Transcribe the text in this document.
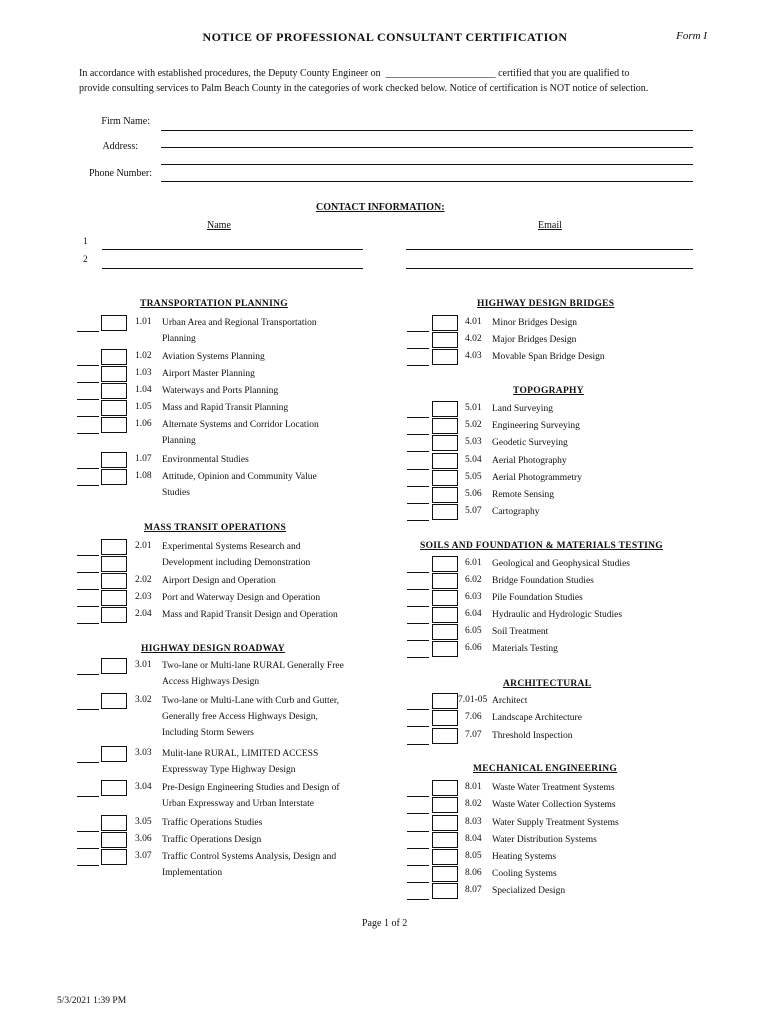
NOTICE OF PROFESSIONAL CONSULTANT CERTIFICATION	Form I
In accordance with established procedures, the Deputy County Engineer on  ______________________ certified that you are qualified to
provide consulting services to Palm Beach County in the categories of work checked below. Notice of certification is NOT notice of selection.
Firm Name:
Address:
Phone Number:
CONTACT INFORMATION:
Name	Email
1
2
TRANSPORTATION PLANNING
1.01 Urban Area and Regional Transportation
Planning
1.02 Aviation Systems Planning
1.03 Airport Master Planning
1.04 Waterways and Ports Planning
1.05 Mass and Rapid Transit Planning
1.06 Alternate Systems and Corridor Location
Planning
1.07 Environmental Studies
1.08 Attitude, Opinion and Community Value
Studies
MASS TRANSIT OPERATIONS
2.01 Experimental Systems Research and
Development including Demonstration
2.02 Airport Design and Operation
2.03 Port and Waterway Design and Operation
2.04 Mass and Rapid Transit Design and Operation
HIGHWAY DESIGN ROADWAY
3.01 Two-lane or Multi-lane RURAL Generally Free
Access Highways Design
3.02 Two-lane or Multi-Lane with Curb and Gutter,
Generally free Access Highways Design,
Including Storm Sewers
3.03 Mulit-lane RURAL, LIMITED ACCESS
Expressway Type Highway Design
3.04 Pre-Design Engineering Studies and Design of
Urban Expressway and Urban Interstate
3.05 Traffic Operations Studies
3.06 Traffic Operations Design
3.07 Traffic Control Systems Analysis, Design and
Implementation
HIGHWAY DESIGN BRIDGES
4.01 Minor Bridges Design
4.02 Major Bridges Design
4.03 Movable Span Bridge Design
TOPOGRAPHY
5.01 Land Surveying
5.02 Engineering Surveying
5.03 Geodetic Surveying
5.04 Aerial Photography
5.05 Aerial Photogrammetry
5.06 Remote Sensing
5.07 Cartography
SOILS AND FOUNDATION & MATERIALS TESTING
6.01 Geological and Geophysical Studies
6.02 Bridge Foundation Studies
6.03 Pile Foundation Studies
6.04 Hydraulic and Hydrologic Studies
6.05 Soil Treatment
6.06 Materials Testing
ARCHITECTURAL
7.01-05 Architect
7.06 Landscape Architecture
7.07 Threshold Inspection
MECHANICAL ENGINEERING
8.01 Waste Water Treatment Systems
8.02 Waste Water Collection Systems
8.03 Water Supply Treatment Systems
8.04 Water Distribution Systems
8.05 Heating Systems
8.06 Cooling Systems
8.07 Specialized Design
Page 1 of 2
5/3/2021 1:39 PM
